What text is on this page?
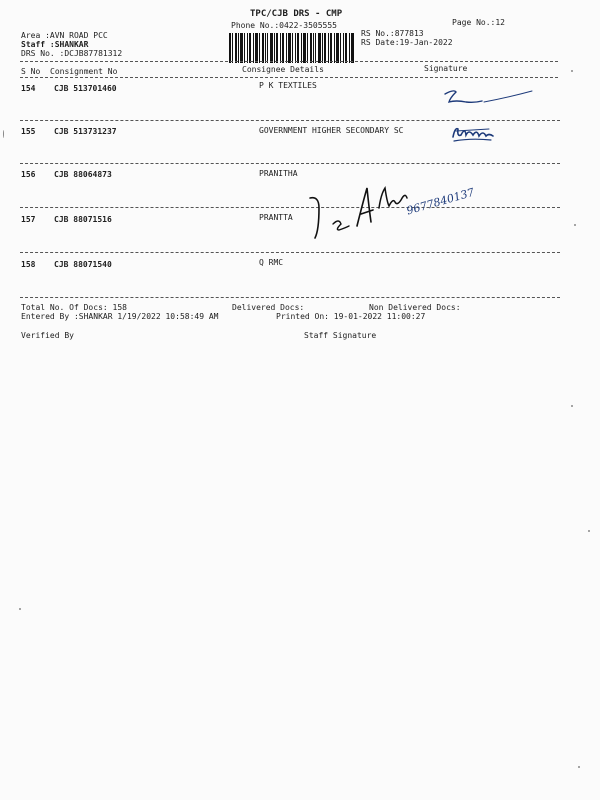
TPC/CJB DRS - CMP
Phone No.:0422-3505555	Page No.:12
RS No.:877813
RS Date:19-Jan-2022
Area :AVN ROAD PCC
Staff :SHANKAR
DRS No. :DCJB87781312
S No Consignment No	Consignee Details	Signature
154 CJB 513701460	P K TEXTILES
155 CJB 513731237	GOVERNMENT HIGHER SECONDARY SC
156 CJB 88064873	PRANITHA
157 CJB 88071516	PRANTTA
158 CJB 88071540	Q RMC
9677840137
Total No. Of Docs: 158	Delivered Docs:	Non Delivered Docs:
Entered By :SHANKAR 1/19/2022 10:58:49 AM	Printed On: 19-01-2022 11:00:27
Verified By	Staff Signature
